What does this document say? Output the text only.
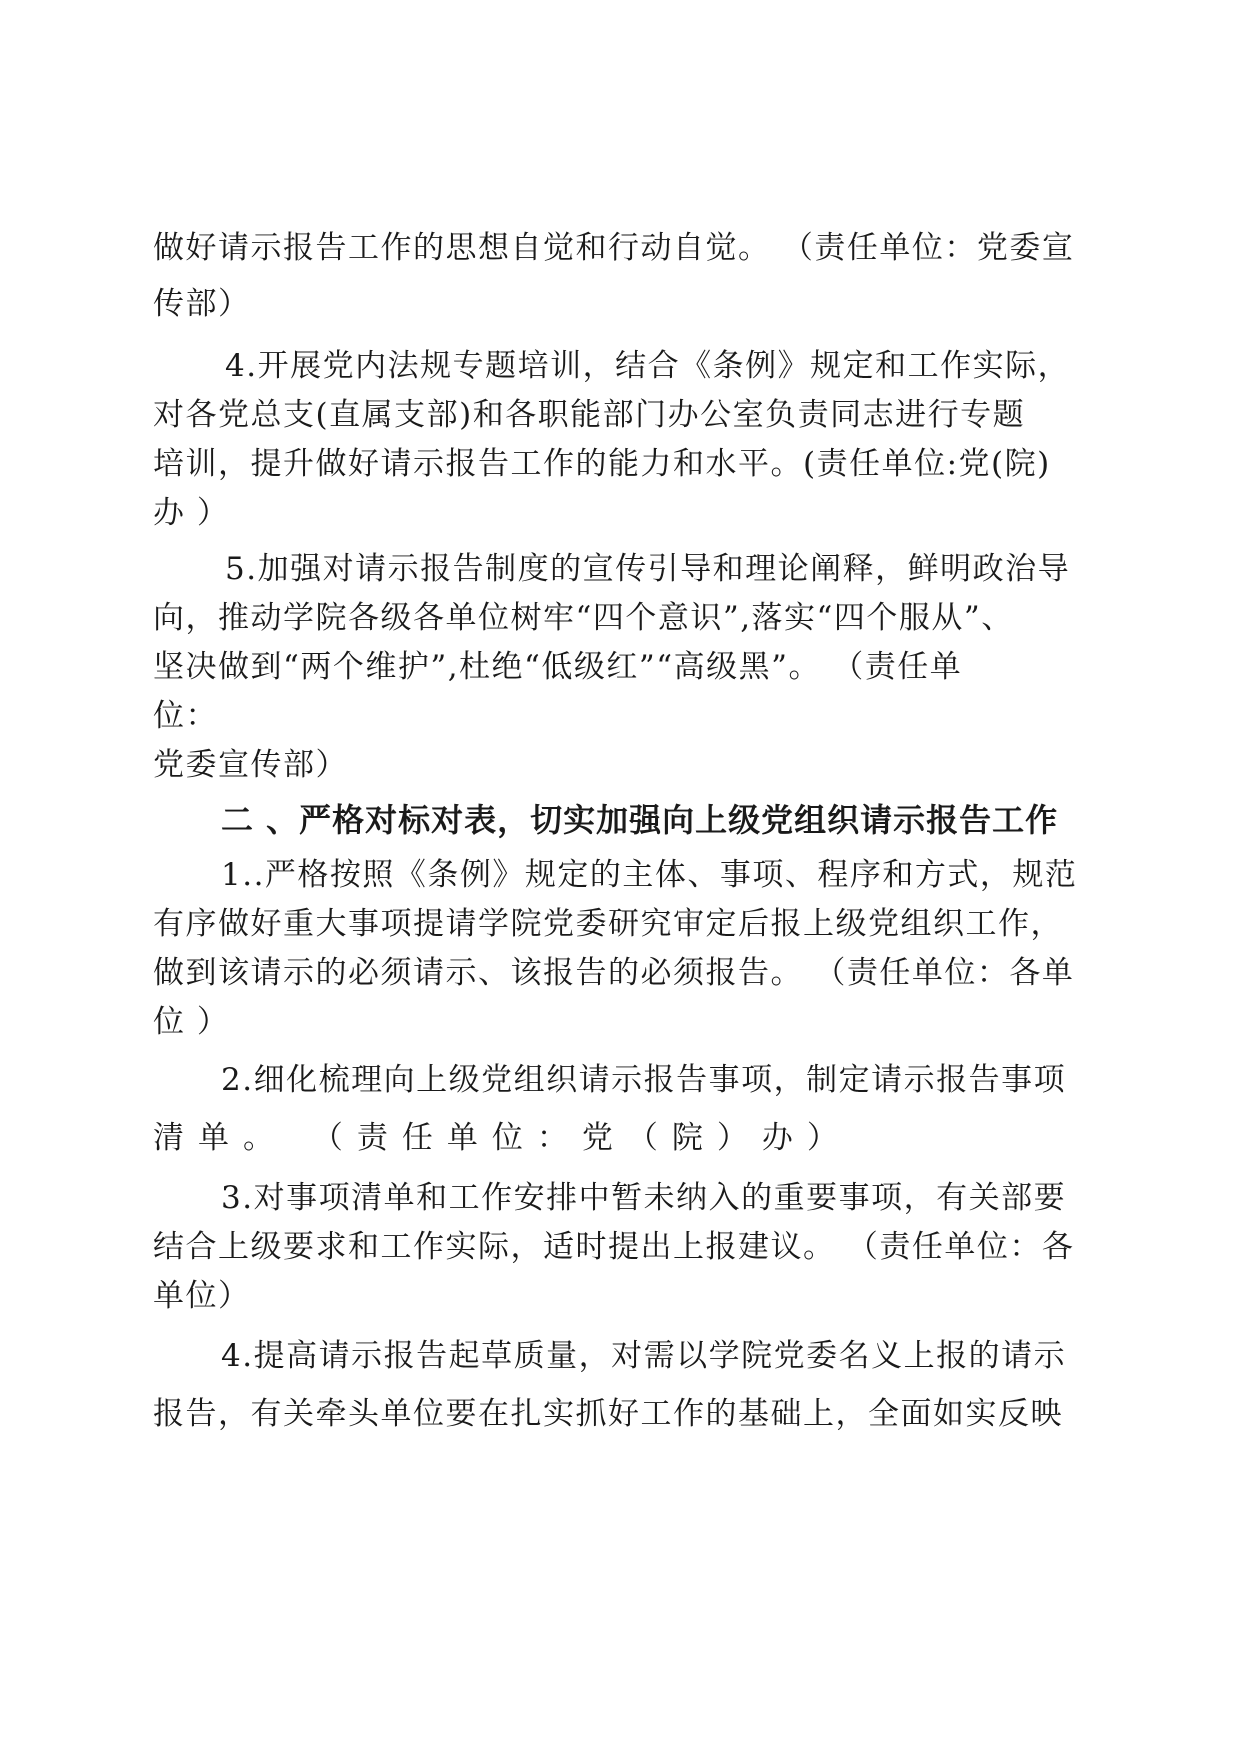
做好请示报告工作的思想自觉和行动自觉。 （责任单位：党委宣
传部）
4.开展党内法规专题培训，结合《条例》规定和工作实际，
对各党总支(直属支部)和各职能部门办公室负责同志进行专题
培训，提升做好请示报告工作的能力和水平。(责任单位:党(院)
办 ）
5.加强对请示报告制度的宣传引导和理论阐释，鲜明政治导
向，推动学院各级各单位树牢“四个意识”,落实“四个服从”、
坚决做到“两个维护”,杜绝“低级红”“高级黑”。 （责任单
位：
党委宣传部）
二 、严格对标对表，切实加强向上级党组织请示报告工作
1..严格按照《条例》规定的主体、事项、程序和方式，规范
有序做好重大事项提请学院党委研究审定后报上级党组织工作，
做到该请示的必须请示、该报告的必须报告。 （责任单位：各单
位 ）
2.细化梳理向上级党组织请示报告事项，制定请示报告事项
清单。 （责任单位：党（院）办）
3.对事项清单和工作安排中暂未纳入的重要事项，有关部要
结合上级要求和工作实际，适时提出上报建议。 （责任单位：各
单位）
4.提高请示报告起草质量，对需以学院党委名义上报的请示
报告，有关牵头单位要在扎实抓好工作的基础上，全面如实反映
